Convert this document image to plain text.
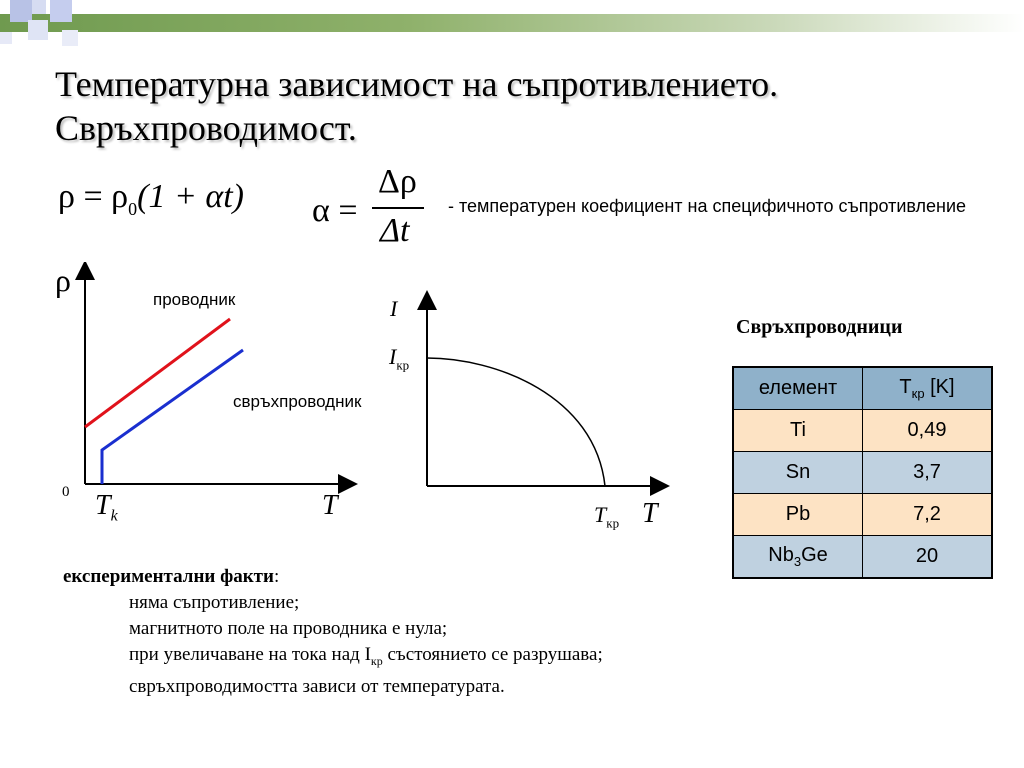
Температурна зависимост на съпротивлението.
Свръхпроводимост.
$\rho = \rho_0(1 + \alpha t) \alpha$ =
Δρ
Δt
- температурен коефициент на специфичното съпротивление
ρ
0 $T_k$	T
проводник
свръхпроводник
I
$I_{кр}$
$T_{кр}$ T
Свръхпроводници
елемент	$T_{кр}$ [K]
Ti	0,49
Sn	3,7
Pb	7,2
$Nb_3Ge$	20
експериментални факти:
няма съпротивление;
магнитното поле на проводника е нула;
при увеличаване на тока над $I_{кр}$ състоянието се разрушава;
свръхпроводимостта зависи от температурата.
